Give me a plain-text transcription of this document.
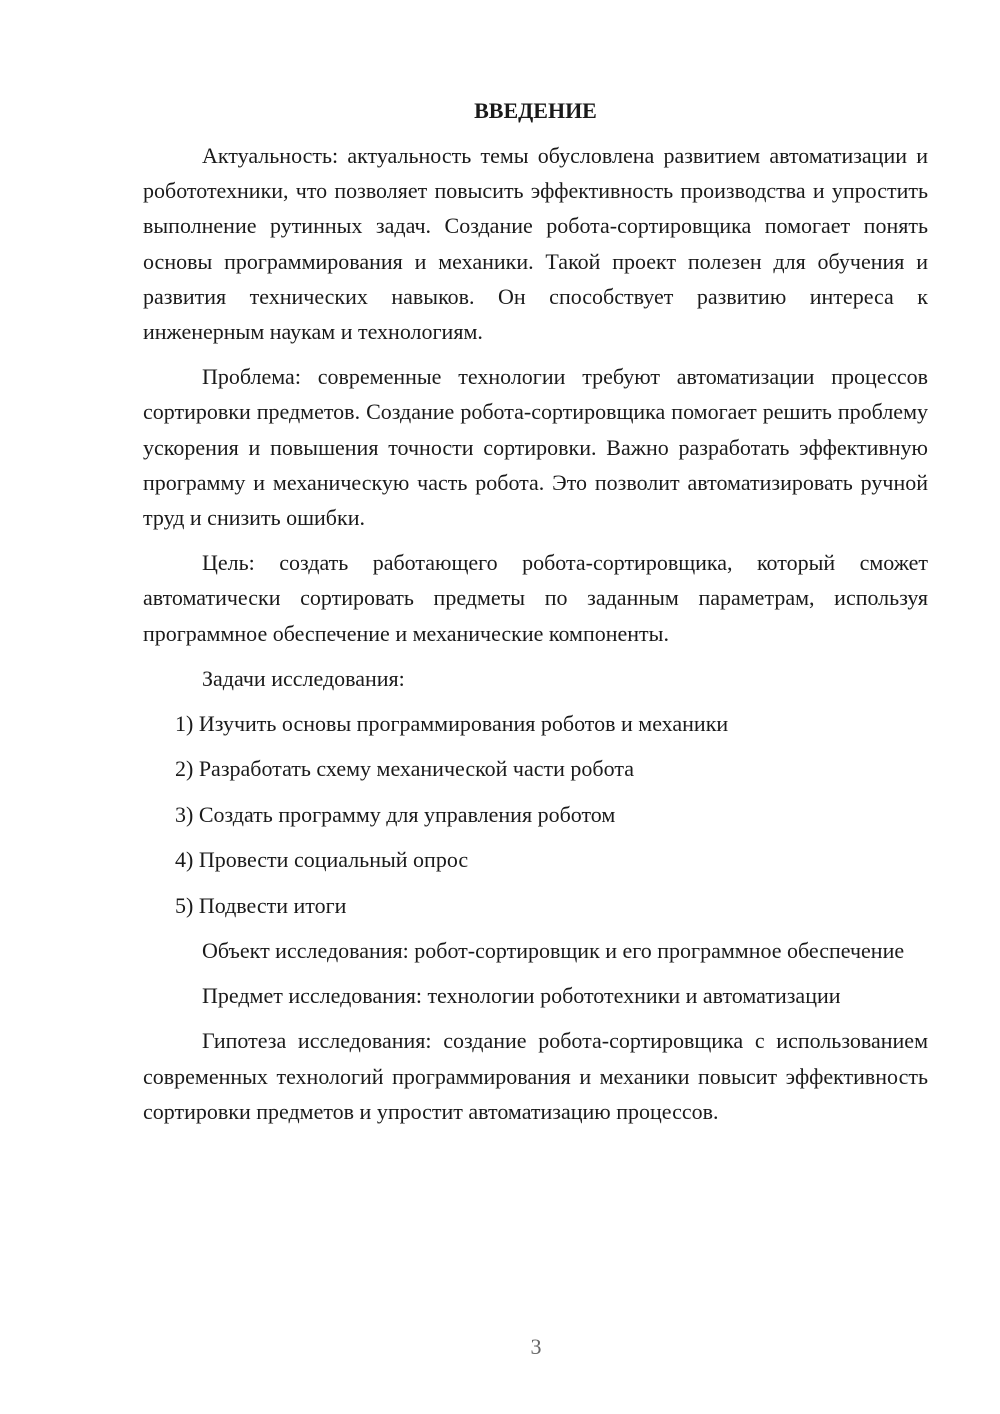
ВВЕДЕНИЕ

Актуальность: актуальность темы обусловлена развитием автоматизации и робототехники, что позволяет повысить эффективность производства и упростить выполнение рутинных задач. Создание робота-сортировщика помогает понять основы программирования и механики. Такой проект полезен для обучения и развития технических навыков. Он способствует развитию интереса к инженерным наукам и технологиям.

Проблема: современные технологии требуют автоматизации процессов сортировки предметов. Создание робота-сортировщика помогает решить проблему ускорения и повышения точности сортировки. Важно разработать эффективную программу и механическую часть робота. Это позволит автоматизировать ручной труд и снизить ошибки.

Цель: создать работающего робота-сортировщика, который сможет автоматически сортировать предметы по заданным параметрам, используя программное обеспечение и механические компоненты.

Задачи исследования:

1) Изучить основы программирования роботов и механики
2) Разработать схему механической части робота
3) Создать программу для управления роботом
4) Провести социальный опрос
5) Подвести итоги

Объект исследования: робот-сортировщик и его программное обеспечение

Предмет исследования: технологии робототехники и автоматизации

Гипотеза исследования: создание робота-сортировщика с использованием современных технологий программирования и механики повысит эффективность сортировки предметов и упростит автоматизацию процессов.

3
